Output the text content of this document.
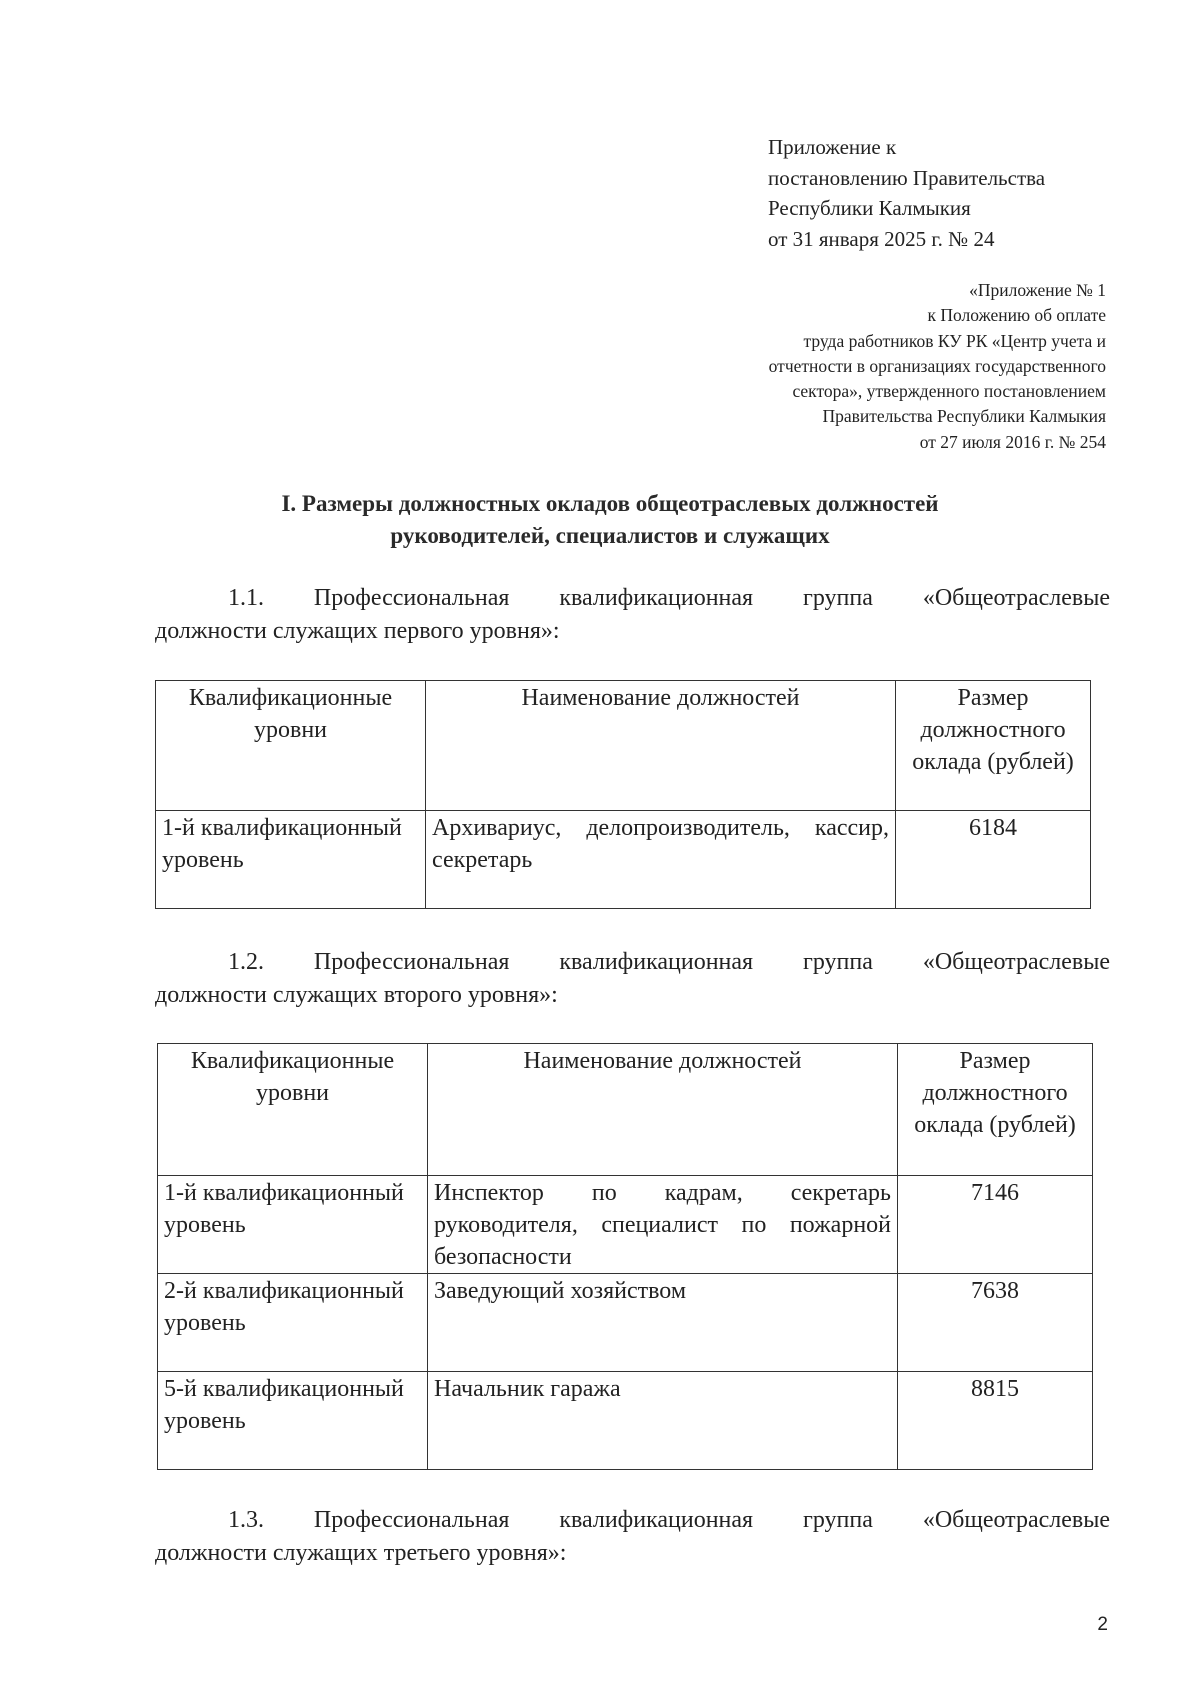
Приложение к
постановлению Правительства
Республики Калмыкия
от 31 января 2025 г. № 24
«Приложение № 1
к Положению об оплате
труда работников КУ РК «Центр учета и
отчетности в организациях государственного
сектора», утвержденного постановлением
Правительства Республики Калмыкия
от 27 июля 2016 г. № 254
I. Размеры должностных окладов общеотраслевых должностей
руководителей, специалистов и служащих
1.1. Профессиональная квалификационная группа «Общеотраслевые
должности служащих первого уровня»:
Квалификационные уровни	Наименование должностей	Размер должностного оклада (рублей)
1-й квалификационный уровень	Архивариус, делопроизводитель, кассир, секретарь	6184
1.2. Профессиональная квалификационная группа «Общеотраслевые
должности служащих второго уровня»:
Квалификационные уровни	Наименование должностей	Размер должностного оклада (рублей)
1-й квалификационный уровень	Инспектор по кадрам, секретарь руководителя, специалист по пожарной безопасности	7146
2-й квалификационный уровень	Заведующий хозяйством	7638
5-й квалификационный уровень	Начальник гаража	8815
1.3. Профессиональная квалификационная группа «Общеотраслевые
должности служащих третьего уровня»:
2
